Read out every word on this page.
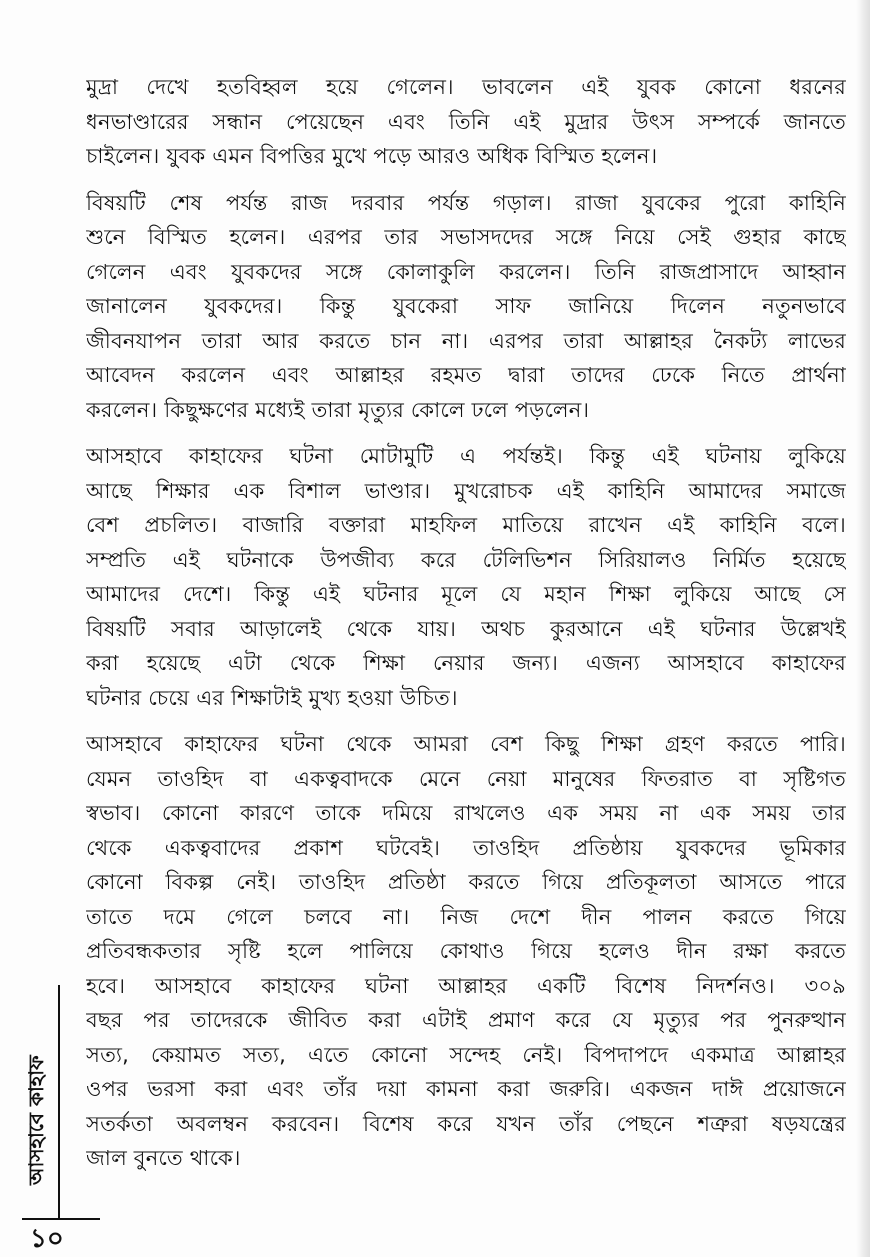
মুদ্রা দেখে হতবিহ্বল হয়ে গেলেন। ভাবলেন এই যুবক কোনো ধরনের
ধনভাণ্ডারের সন্ধান পেয়েছেন এবং তিনি এই মুদ্রার উৎস সম্পর্কে জানতে
চাইলেন। যুবক এমন বিপত্তির মুখে পড়ে আরও অধিক বিস্মিত হলেন।
বিষয়টি শেষ পর্যন্ত রাজ দরবার পর্যন্ত গড়াল। রাজা যুবকের পুরো কাহিনি
শুনে বিস্মিত হলেন। এরপর তার সভাসদদের সঙ্গে নিয়ে সেই গুহার কাছে
গেলেন এবং যুবকদের সঙ্গে কোলাকুলি করলেন। তিনি রাজপ্রাসাদে আহ্বান
জানালেন যুবকদের। কিন্তু যুবকেরা সাফ জানিয়ে দিলেন নতুনভাবে
জীবনযাপন তারা আর করতে চান না। এরপর তারা আল্লাহর নৈকট্য লাভের
আবেদন করলেন এবং আল্লাহর রহমত দ্বারা তাদের ঢেকে নিতে প্রার্থনা
করলেন। কিছুক্ষণের মধ্যেই তারা মৃত্যুর কোলে ঢলে পড়লেন।
আসহাবে কাহাফের ঘটনা মোটামুটি এ পর্যন্তই। কিন্তু এই ঘটনায় লুকিয়ে
আছে শিক্ষার এক বিশাল ভাণ্ডার। মুখরোচক এই কাহিনি আমাদের সমাজে
বেশ প্রচলিত। বাজারি বক্তারা মাহফিল মাতিয়ে রাখেন এই কাহিনি বলে।
সম্প্রতি এই ঘটনাকে উপজীব্য করে টেলিভিশন সিরিয়ালও নির্মিত হয়েছে
আমাদের দেশে। কিন্তু এই ঘটনার মূলে যে মহান শিক্ষা লুকিয়ে আছে সে
বিষয়টি সবার আড়ালেই থেকে যায়। অথচ কুরআনে এই ঘটনার উল্লেখই
করা হয়েছে এটা থেকে শিক্ষা নেয়ার জন্য। এজন্য আসহাবে কাহাফের
ঘটনার চেয়ে এর শিক্ষাটাই মুখ্য হওয়া উচিত।
আসহাবে কাহাফের ঘটনা থেকে আমরা বেশ কিছু শিক্ষা গ্রহণ করতে পারি।
যেমন তাওহিদ বা একত্ববাদকে মেনে নেয়া মানুষের ফিতরাত বা সৃষ্টিগত
স্বভাব। কোনো কারণে তাকে দমিয়ে রাখলেও এক সময় না এক সময় তার
থেকে একত্ববাদের প্রকাশ ঘটবেই। তাওহিদ প্রতিষ্ঠায় যুবকদের ভূমিকার
কোনো বিকল্প নেই। তাওহিদ প্রতিষ্ঠা করতে গিয়ে প্রতিকূলতা আসতে পারে
তাতে দমে গেলে চলবে না। নিজ দেশে দীন পালন করতে গিয়ে
প্রতিবন্ধকতার সৃষ্টি হলে পালিয়ে কোথাও গিয়ে হলেও দীন রক্ষা করতে
হবে। আসহাবে কাহাফের ঘটনা আল্লাহর একটি বিশেষ নিদর্শনও। ৩০৯
বছর পর তাদেরকে জীবিত করা এটাই প্রমাণ করে যে মৃত্যুর পর পুনরুত্থান
সত্য, কেয়ামত সত্য, এতে কোনো সন্দেহ নেই। বিপদাপদে একমাত্র আল্লাহর
ওপর ভরসা করা এবং তাঁর দয়া কামনা করা জরুরি। একজন দাঈ প্রয়োজনে
সতর্কতা অবলম্বন করবেন। বিশেষ করে যখন তাঁর পেছনে শত্রুরা ষড়যন্ত্রের
জাল বুনতে থাকে।
আসহাবে কাহাফ
১০
